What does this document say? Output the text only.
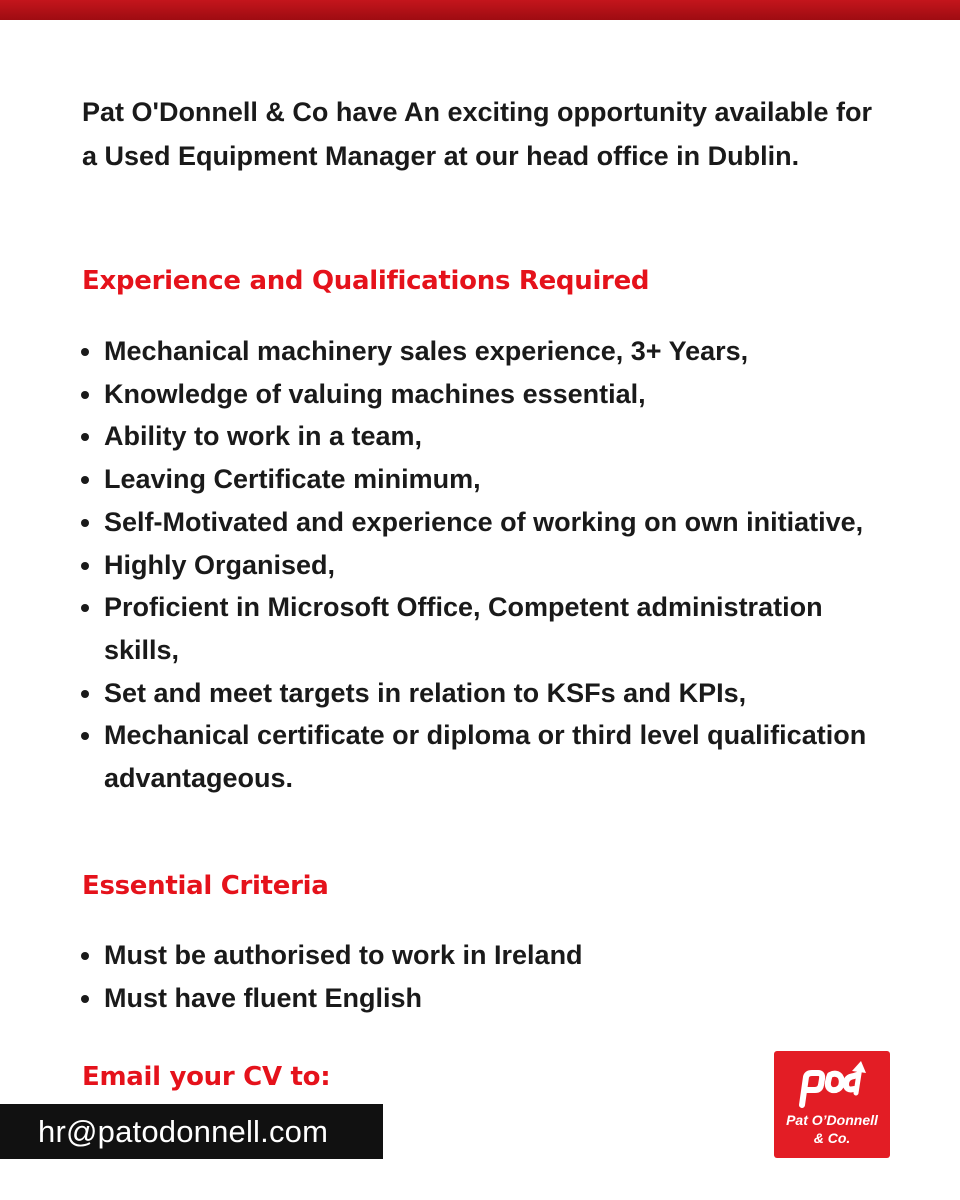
Pat O'Donnell & Co have An exciting opportunity available for a Used Equipment Manager at our head office in Dublin.

Experience and Qualifications Required
Mechanical machinery sales experience, 3+ Years,
Knowledge of valuing machines essential,
Ability to work in a team,
Leaving Certificate minimum,
Self-Motivated and experience of working on own initiative,
Highly Organised,
Proficient in Microsoft Office, Competent administration skills,
Set and meet targets in relation to KSFs and KPIs,
Mechanical certificate or diploma or third level qualification advantageous.
Essential Criteria
Must be authorised to work in Ireland
Must have fluent English
Email your CV to:
hr@patodonnell.com	Pat O’Donnell
& Co.
